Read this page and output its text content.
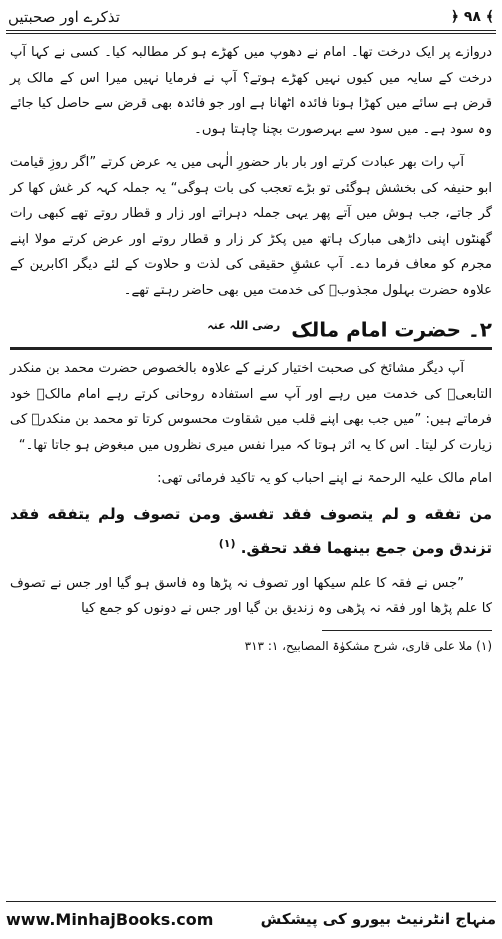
تذکرے اور صحبتیں	﴿ ۹۸ ﴾

دروازے پر ایک درخت تھا۔ امام نے دھوپ میں کھڑے ہو کر مطالبہ کیا۔ کسی نے کہا آپ درخت کے سایہ میں کیوں نہیں کھڑے ہوتے؟ آپ نے فرمایا نہیں میرا اس کے مالک پر قرض ہے سائے میں کھڑا ہونا فائدہ اٹھانا ہے اور جو فائدہ بھی قرض سے حاصل کیا جائے وہ سود ہے۔ میں سود سے بہرصورت بچنا چاہتا ہوں۔

آپ رات بھر عبادت کرتے اور بار بار حضورِ الٰہی میں یہ عرض کرتے ”اگر روزِ قیامت ابو حنیفہ کی بخشش ہوگئی تو بڑے تعجب کی بات ہوگی“ یہ جملہ کہہ کر غش کھا کر گر جاتے، جب ہوش میں آتے پھر یہی جملہ دہراتے اور زار و قطار روتے تھے کبھی رات گھنٹوں اپنی داڑھی مبارک ہاتھ میں پکڑ کر زار و قطار روتے اور عرض کرتے مولا اپنے مجرم کو معاف فرما دے۔ آپ عشقِ حقیقی کی لذت و حلاوت کے لئے دیگر اکابرین کے علاوہ حضرت بہلول مجذوبؒ کی خدمت میں بھی حاضر رہتے تھے۔

۲۔ حضرت امام مالک $^{رضی اللہ عنہ}$

آپ دیگر مشائخ کی صحبت اختیار کرنے کے علاوہ بالخصوص حضرت محمد بن منکدر التابعیؒ کی خدمت میں رہے اور آپ سے استفادہ روحانی کرتے رہے امام مالکؒ خود فرماتے ہیں: ”میں جب بھی اپنے قلب میں شقاوت محسوس کرتا تو محمد بن منکدرؒ کی زیارت کر لیتا۔ اس کا یہ اثر ہوتا کہ میرا نفس میری نظروں میں مبغوض ہو جاتا تھا۔“

امام مالک علیہ الرحمۃ نے اپنے احباب کو یہ تاکید فرمائی تھی:

من تفقه و لم يتصوف فقد تفسق ومن تصوف ولم يتفقه فقد تزندق ومن جمع بينهما فقد تحقق. $^{(۱)}$

”جس نے فقہ کا علم سیکھا اور تصوف نہ پڑھا وہ فاسق ہو گیا اور جس نے تصوف کا علم پڑھا اور فقہ نہ پڑھی وہ زندیق بن گیا اور جس نے دونوں کو جمع کیا

(۱) ملا علی قاری، شرح مشکوٰۃ المصابیح، ۱: ۳۱۳
www.MinhajBooks.com	منہاج انٹرنیٹ بیورو کی پیشکش
